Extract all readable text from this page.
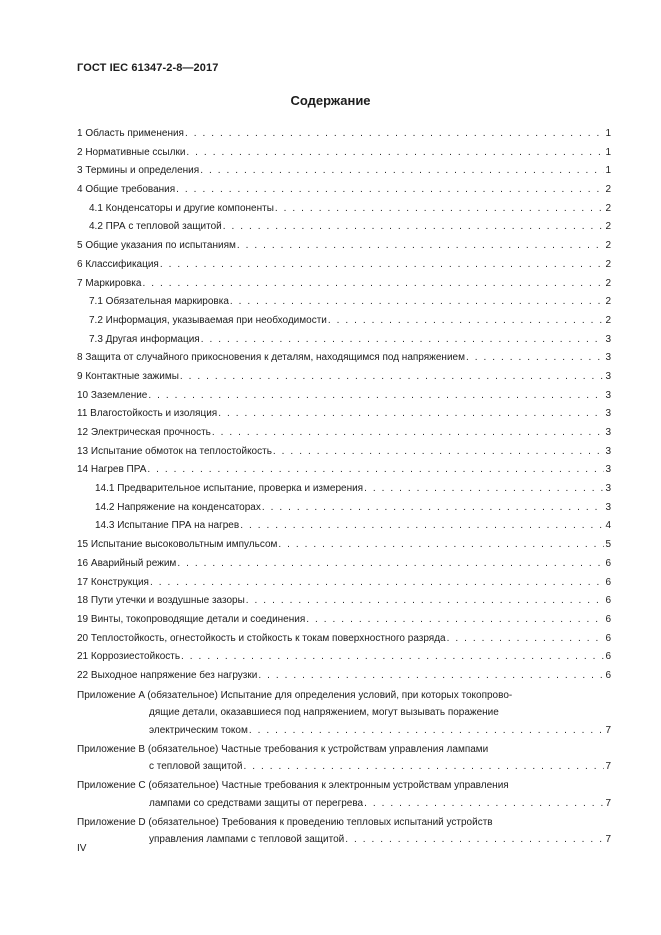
ГОСТ IEC 61347-2-8—2017
Содержание
1 Область применения . . .	1
2 Нормативные ссылки . . .	1
3 Термины и определения . . .	1
4 Общие требования . . .	2
4.1 Конденсаторы и другие компоненты . . .	2
4.2 ПРА с тепловой защитой . . .	2
5 Общие указания по испытаниям . . .	2
6 Классификация . . .	2
7 Маркировка . . .	2
7.1 Обязательная маркировка . . .	2
7.2 Информация, указываемая при необходимости . . .	2
7.3 Другая информация . . .	3
8 Защита от случайного прикосновения к деталям, находящимся под напряжением . . .	3
9 Контактные зажимы . . .	3
10 Заземление . . .	3
11 Влагостойкость и изоляция . . .	3
12 Электрическая прочность . . .	3
13 Испытание обмоток на теплостойкость . . .	3
14 Нагрев ПРА . . .	3
14.1 Предварительное испытание, проверка и измерения . . .	3
14.2 Напряжение на конденсаторах . . .	3
14.3 Испытание ПРА на нагрев . . .	4
15 Испытание высоковольтным импульсом . . .	5
16 Аварийный режим . . .	6
17 Конструкция . . .	6
18 Пути утечки и воздушные зазоры . . .	6
19 Винты, токопроводящие детали и соединения . . .	6
20 Теплостойкость, огнестойкость и стойкость к токам поверхностного разряда . . .	6
21 Коррозиестойкость . . .	6
22 Выходное напряжение без нагрузки . . .	6
Приложение A (обязательное) Испытание для определения условий, при которых токопрово-
дящие детали, оказавшиеся под напряжением, могут вызывать поражение
электрическим током . . .	7
Приложение B (обязательное) Частные требования к устройствам управления лампами
с тепловой защитой . . .	7
Приложение C (обязательное) Частные требования к электронным устройствам управления
лампами со средствами защиты от перегрева . . .	7
Приложение D (обязательное) Требования к проведению тепловых испытаний устройств
управления лампами с тепловой защитой . . .	7
IV
